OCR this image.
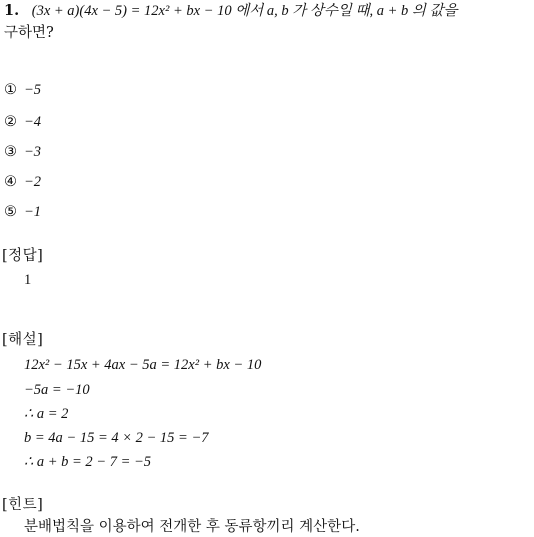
1. (3x + a)(4x − 5) = 12x² + bx − 10 에서 a, b 가 상수일 때, a + b 의 값을
구하면?
① −5
② −4
③ −3
④ −2
⑤ −1
[정답]
1
[해설]
12x² − 15x + 4ax − 5a = 12x² + bx − 10
−5a = −10
∴ a = 2
b = 4a − 15 = 4 × 2 − 15 = −7
∴ a + b = 2 − 7 = −5
[힌트]
분배법칙을 이용하여 전개한 후 동류항끼리 계산한다.
